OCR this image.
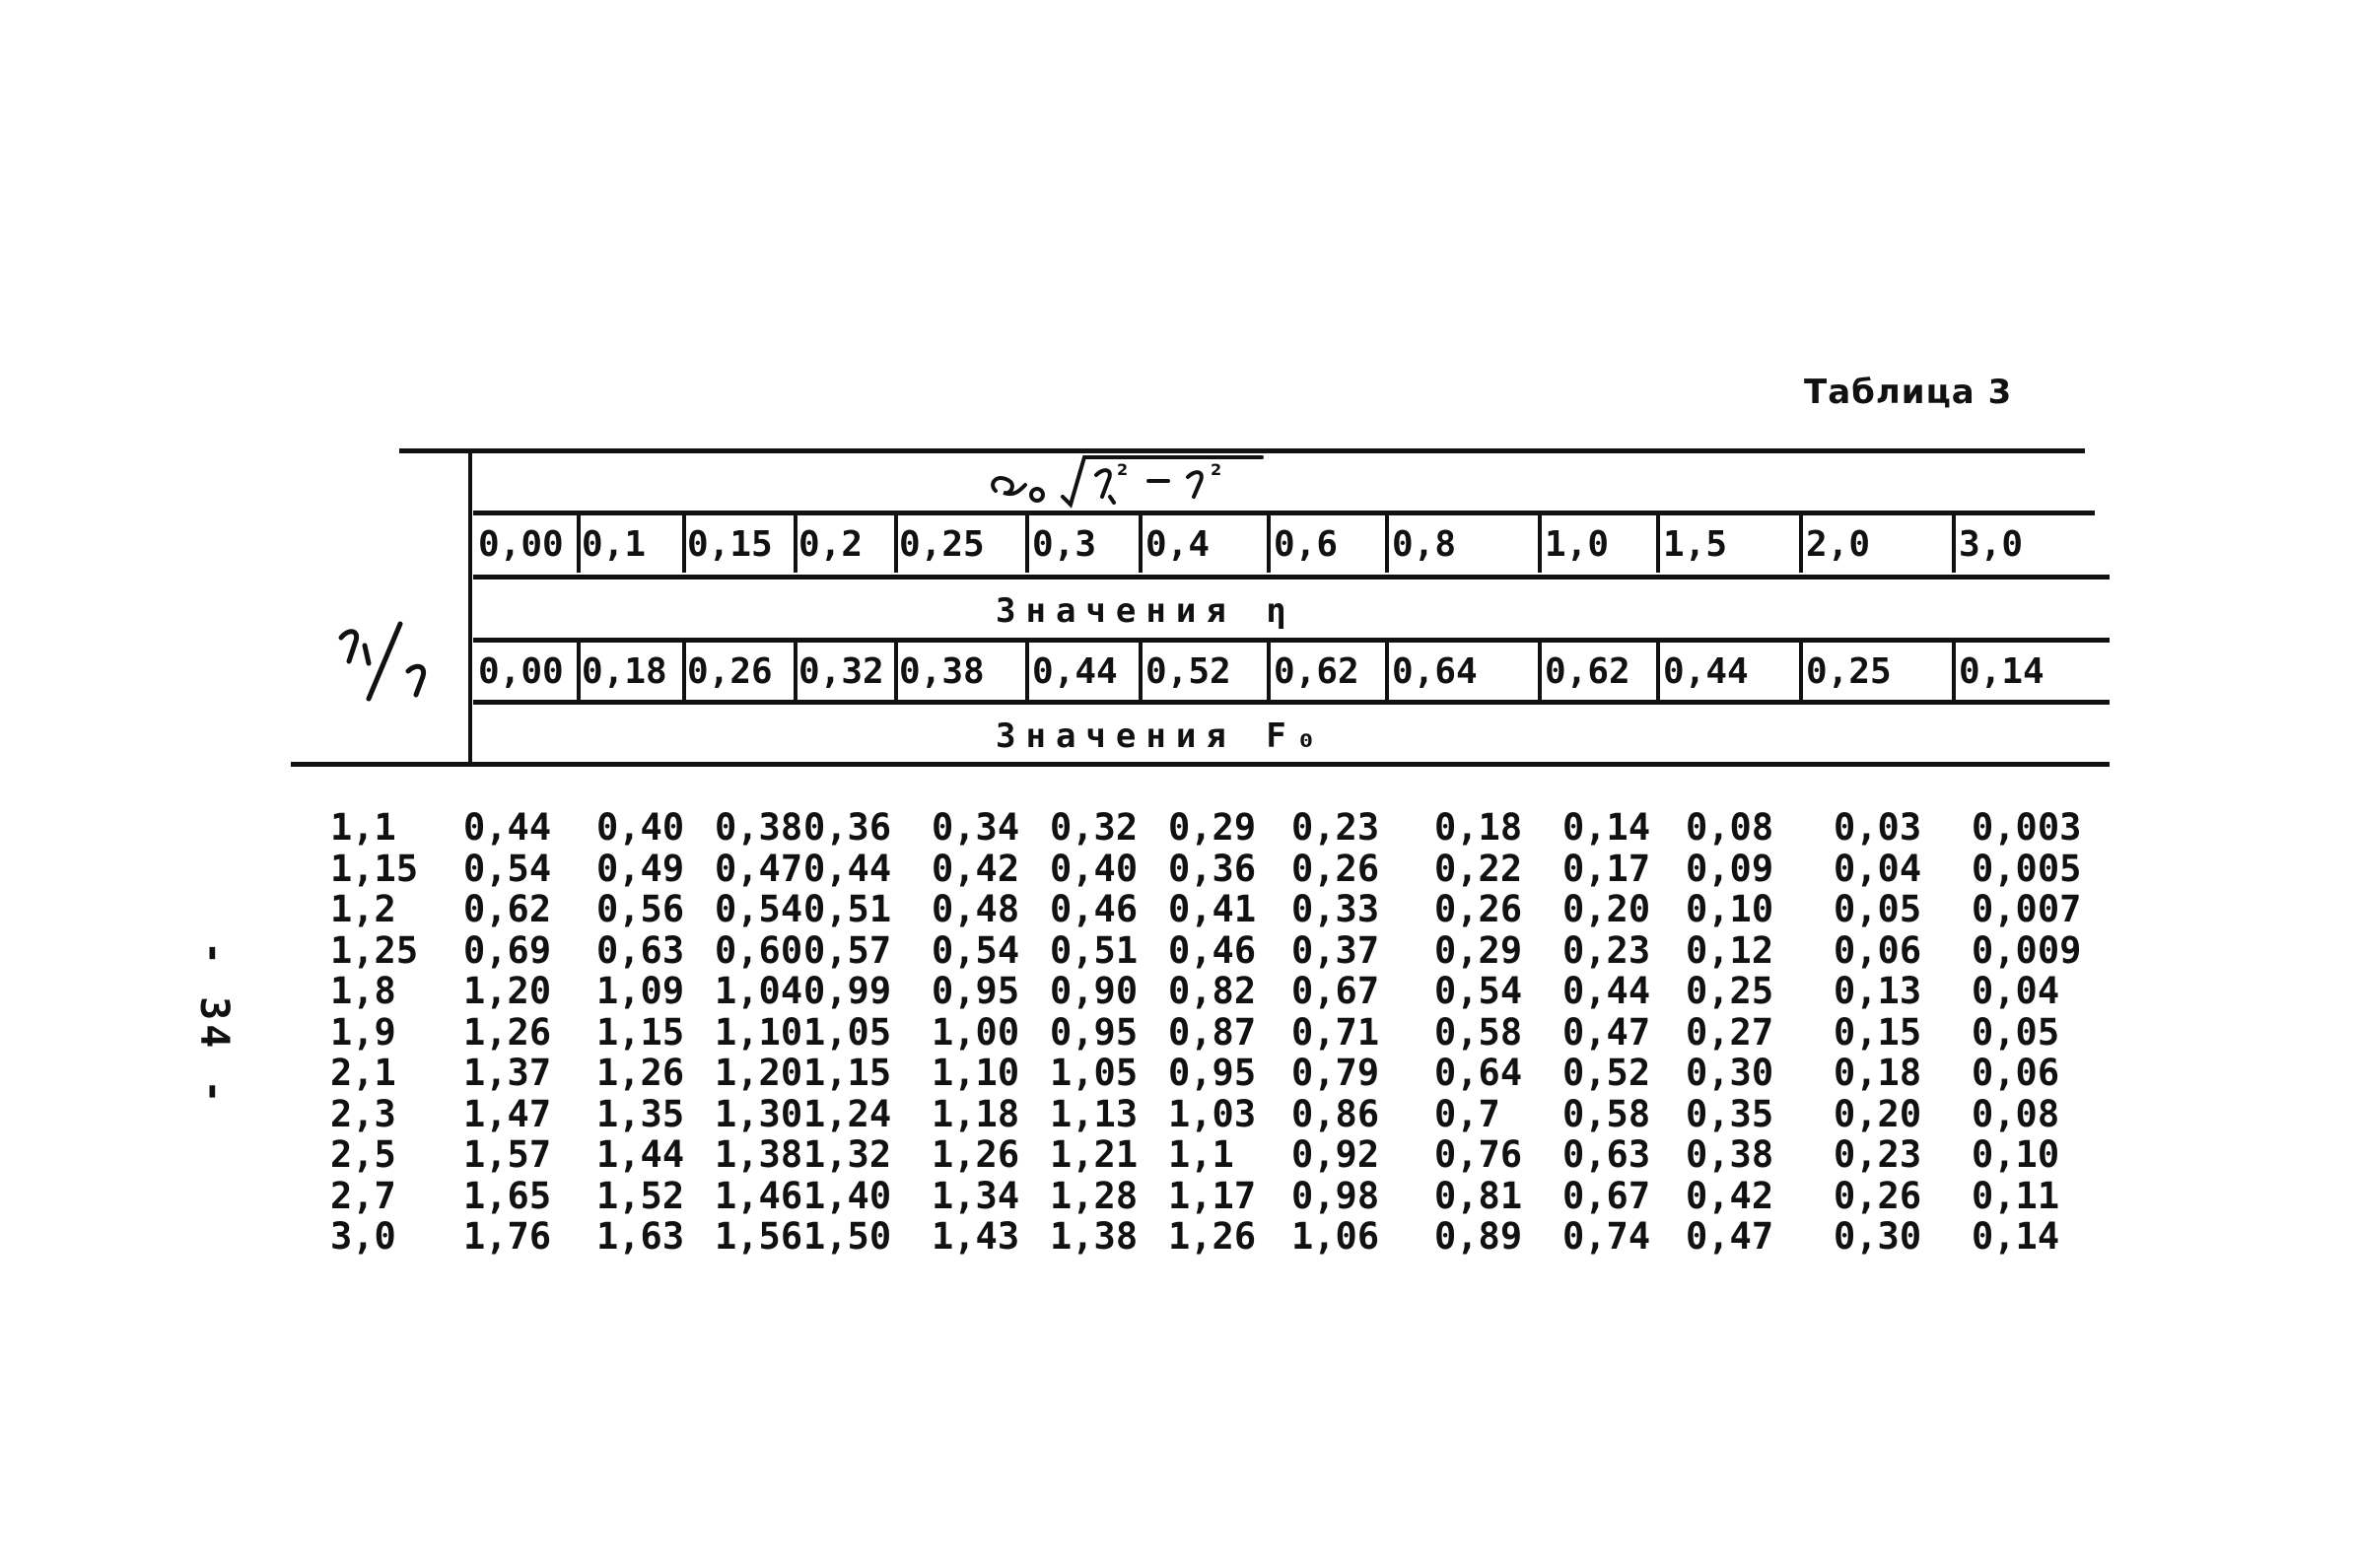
Таблица 3
- 34 -
2	2
Значения η
Значения F₀
0,00 0,1 0,15 0,2 0,25 0,3 0,4 0,6 0,8 1,0 1,5 2,0 3,0
0,00 0,18 0,26 0,32 0,38 0,44 0,52 0,62 0,64 0,62 0,44 0,25 0,14
1,1 0,44 0,40 0,38 0,36 0,34 0,32 0,29 0,23 0,18 0,14 0,08 0,03 0,003
1,15 0,54 0,49 0,47 0,44 0,42 0,40 0,36 0,26 0,22 0,17 0,09 0,04 0,005
1,2 0,62 0,56 0,54 0,51 0,48 0,46 0,41 0,33 0,26 0,20 0,10 0,05 0,007
1,25 0,69 0,63 0,60 0,57 0,54 0,51 0,46 0,37 0,29 0,23 0,12 0,06 0,009
1,8 1,20 1,09 1,04 0,99 0,95 0,90 0,82 0,67 0,54 0,44 0,25 0,13 0,04
1,9 1,26 1,15 1,10 1,05 1,00 0,95 0,87 0,71 0,58 0,47 0,27 0,15 0,05
2,1 1,37 1,26 1,20 1,15 1,10 1,05 0,95 0,79 0,64 0,52 0,30 0,18 0,06
2,3 1,47 1,35 1,30 1,24 1,18 1,13 1,03 0,86 0,7 0,58 0,35 0,20 0,08
2,5 1,57 1,44 1,38 1,32 1,26 1,21 1,1 0,92 0,76 0,63 0,38 0,23 0,10
2,7 1,65 1,52 1,46 1,40 1,34 1,28 1,17 0,98 0,81 0,67 0,42 0,26 0,11
3,0 1,76 1,63 1,56 1,50 1,43 1,38 1,26 1,06 0,89 0,74 0,47 0,30 0,14
